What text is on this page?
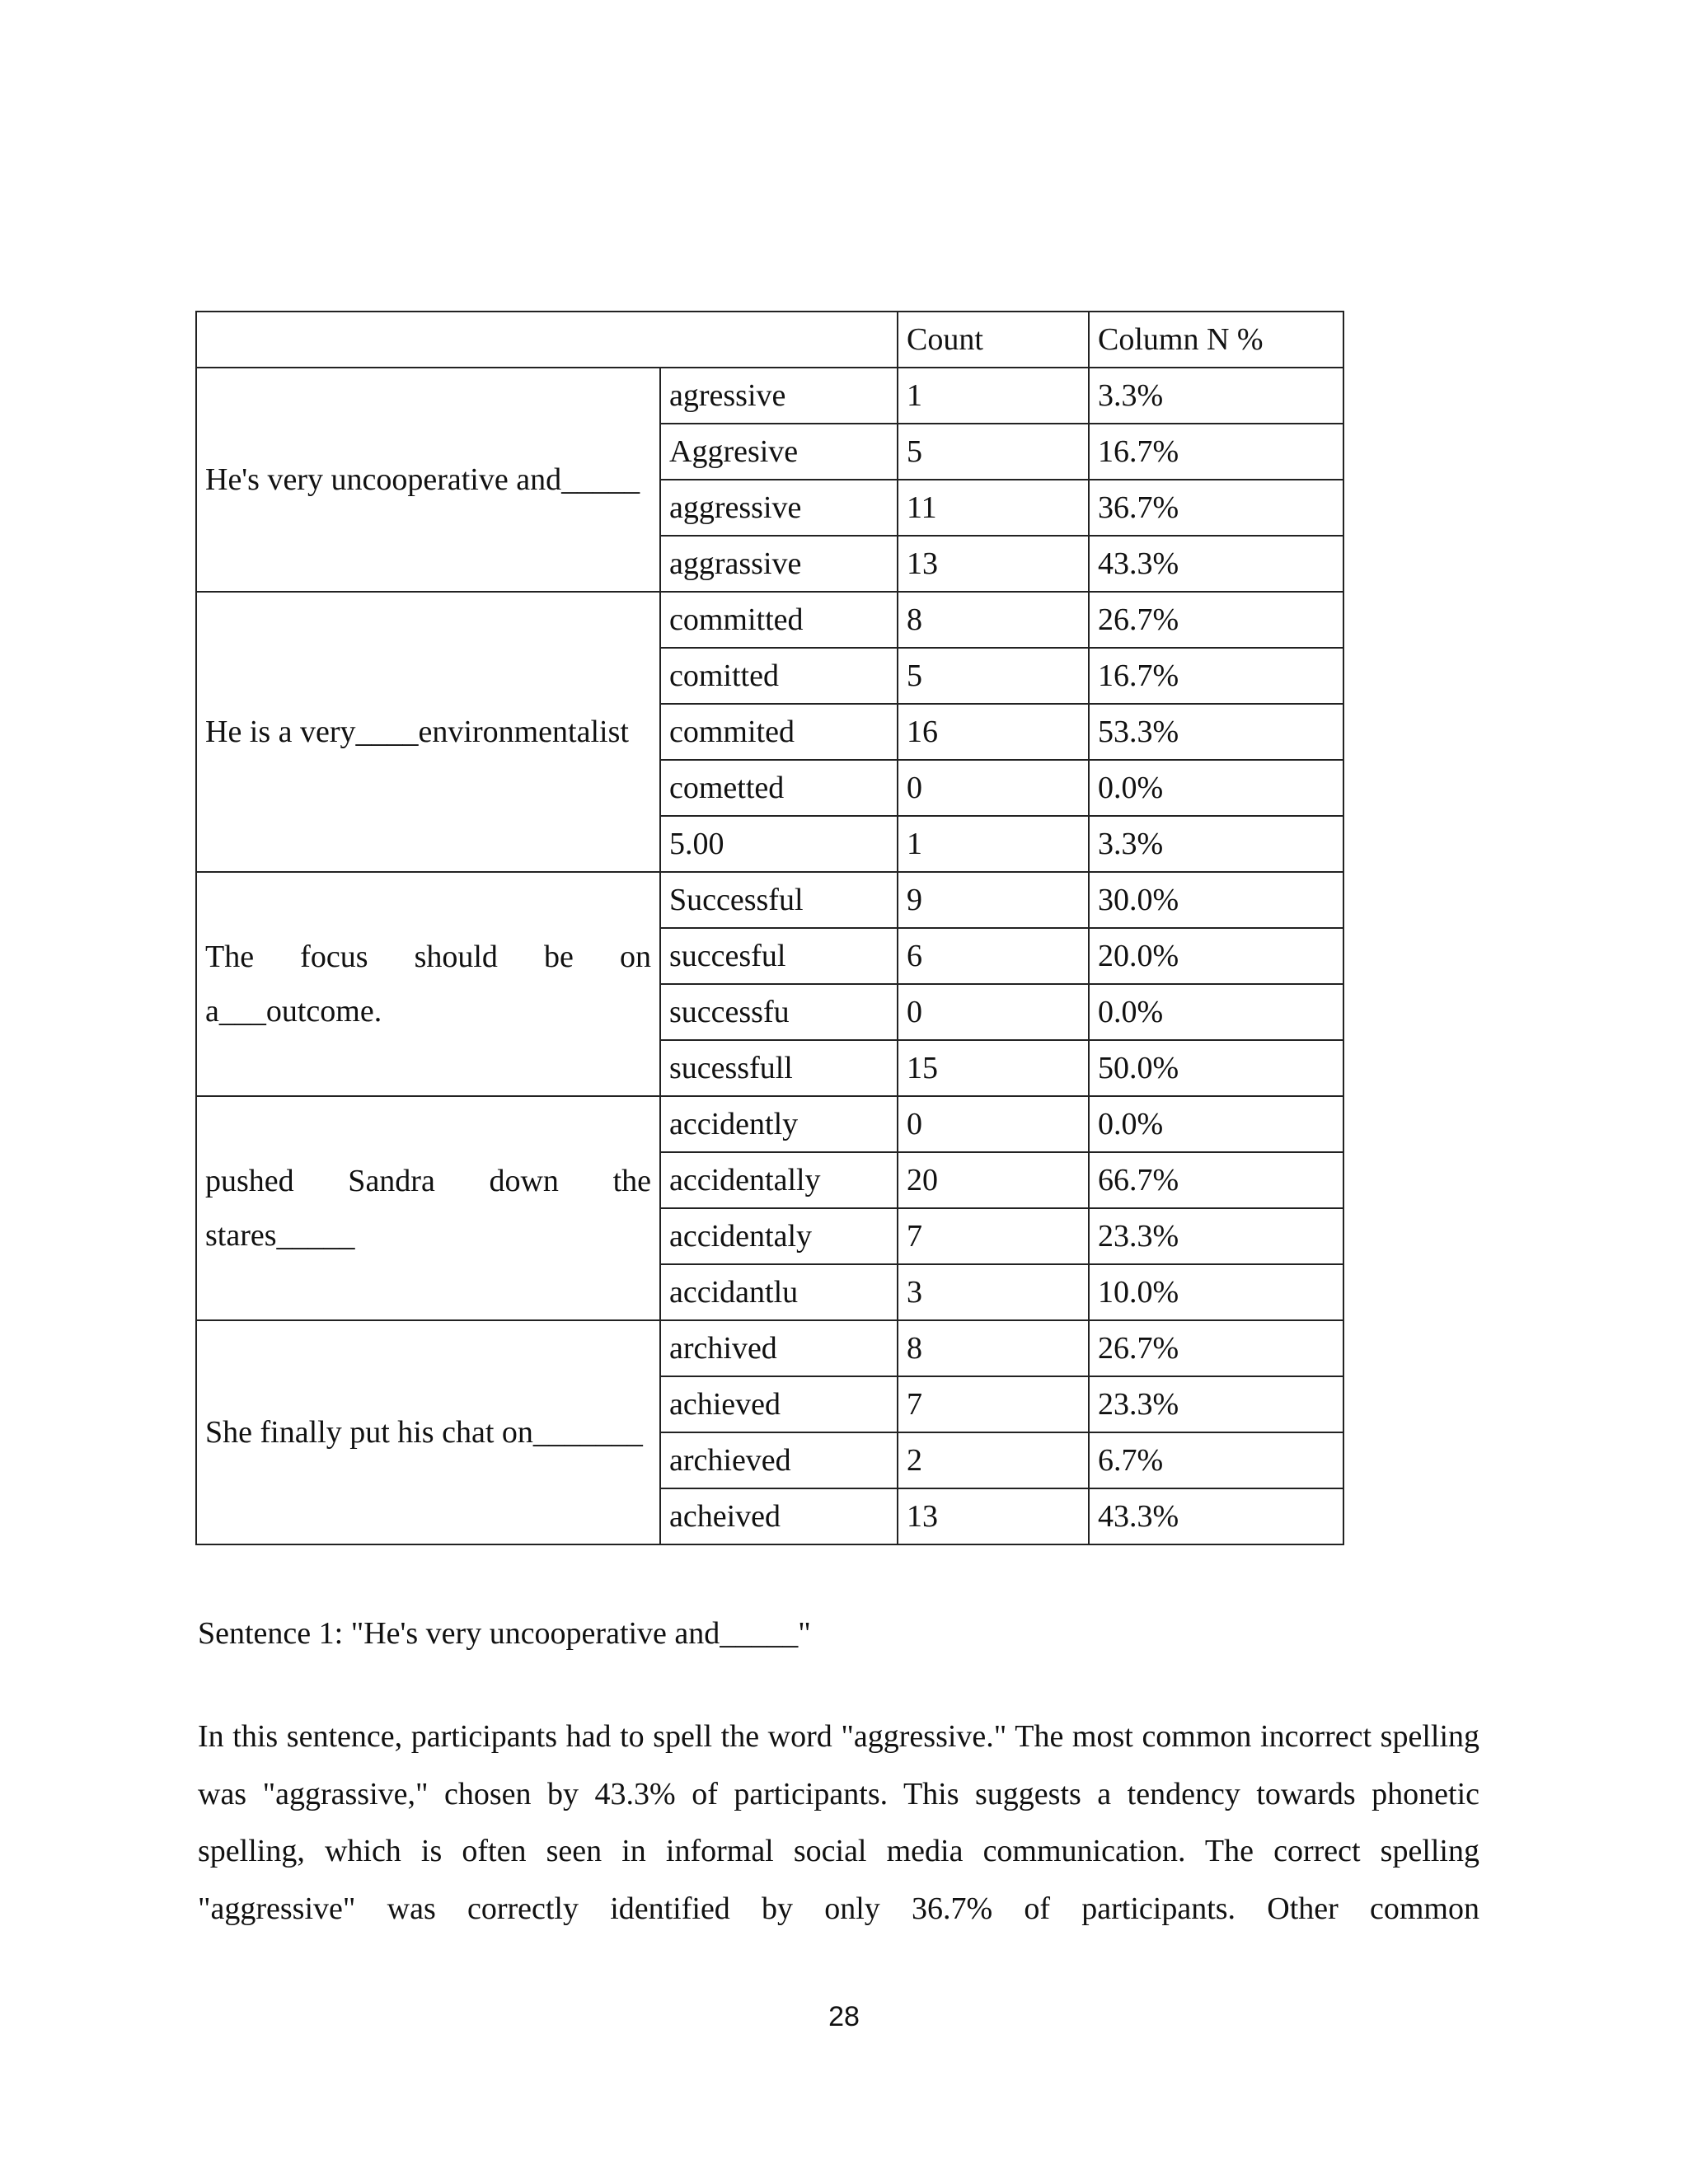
		Count	Column N %
He's very uncooperative and_____	agressive	1	3.3%
	Aggresive	5	16.7%
	aggressive	11	36.7%
	aggrassive	13	43.3%
He is a very____environmentalist	committed	8	26.7%
	comitted	5	16.7%
	commited	16	53.3%
	cometted	0	0.0%
	5.00	1	3.3%
The focus should be on a___outcome.	Successful	9	30.0%
	succesful	6	20.0%
	successfu	0	0.0%
	sucessfull	15	50.0%
pushed Sandra down the stares_____	accidently	0	0.0%
	accidentally	20	66.7%
	accidentaly	7	23.3%
	accidantlu	3	10.0%
She finally put his chat on_______	archived	8	26.7%
	achieved	7	23.3%
	archieved	2	6.7%
	acheived	13	43.3%
Sentence 1: "He's very uncooperative and_____"

In this sentence, participants had to spell the word "aggressive." The most common incorrect spelling was "aggrassive," chosen by 43.3% of participants. This suggests a tendency towards phonetic spelling, which is often seen in informal social media communication. The correct spelling "aggressive" was correctly identified by only 36.7% of participants. Other common

28
